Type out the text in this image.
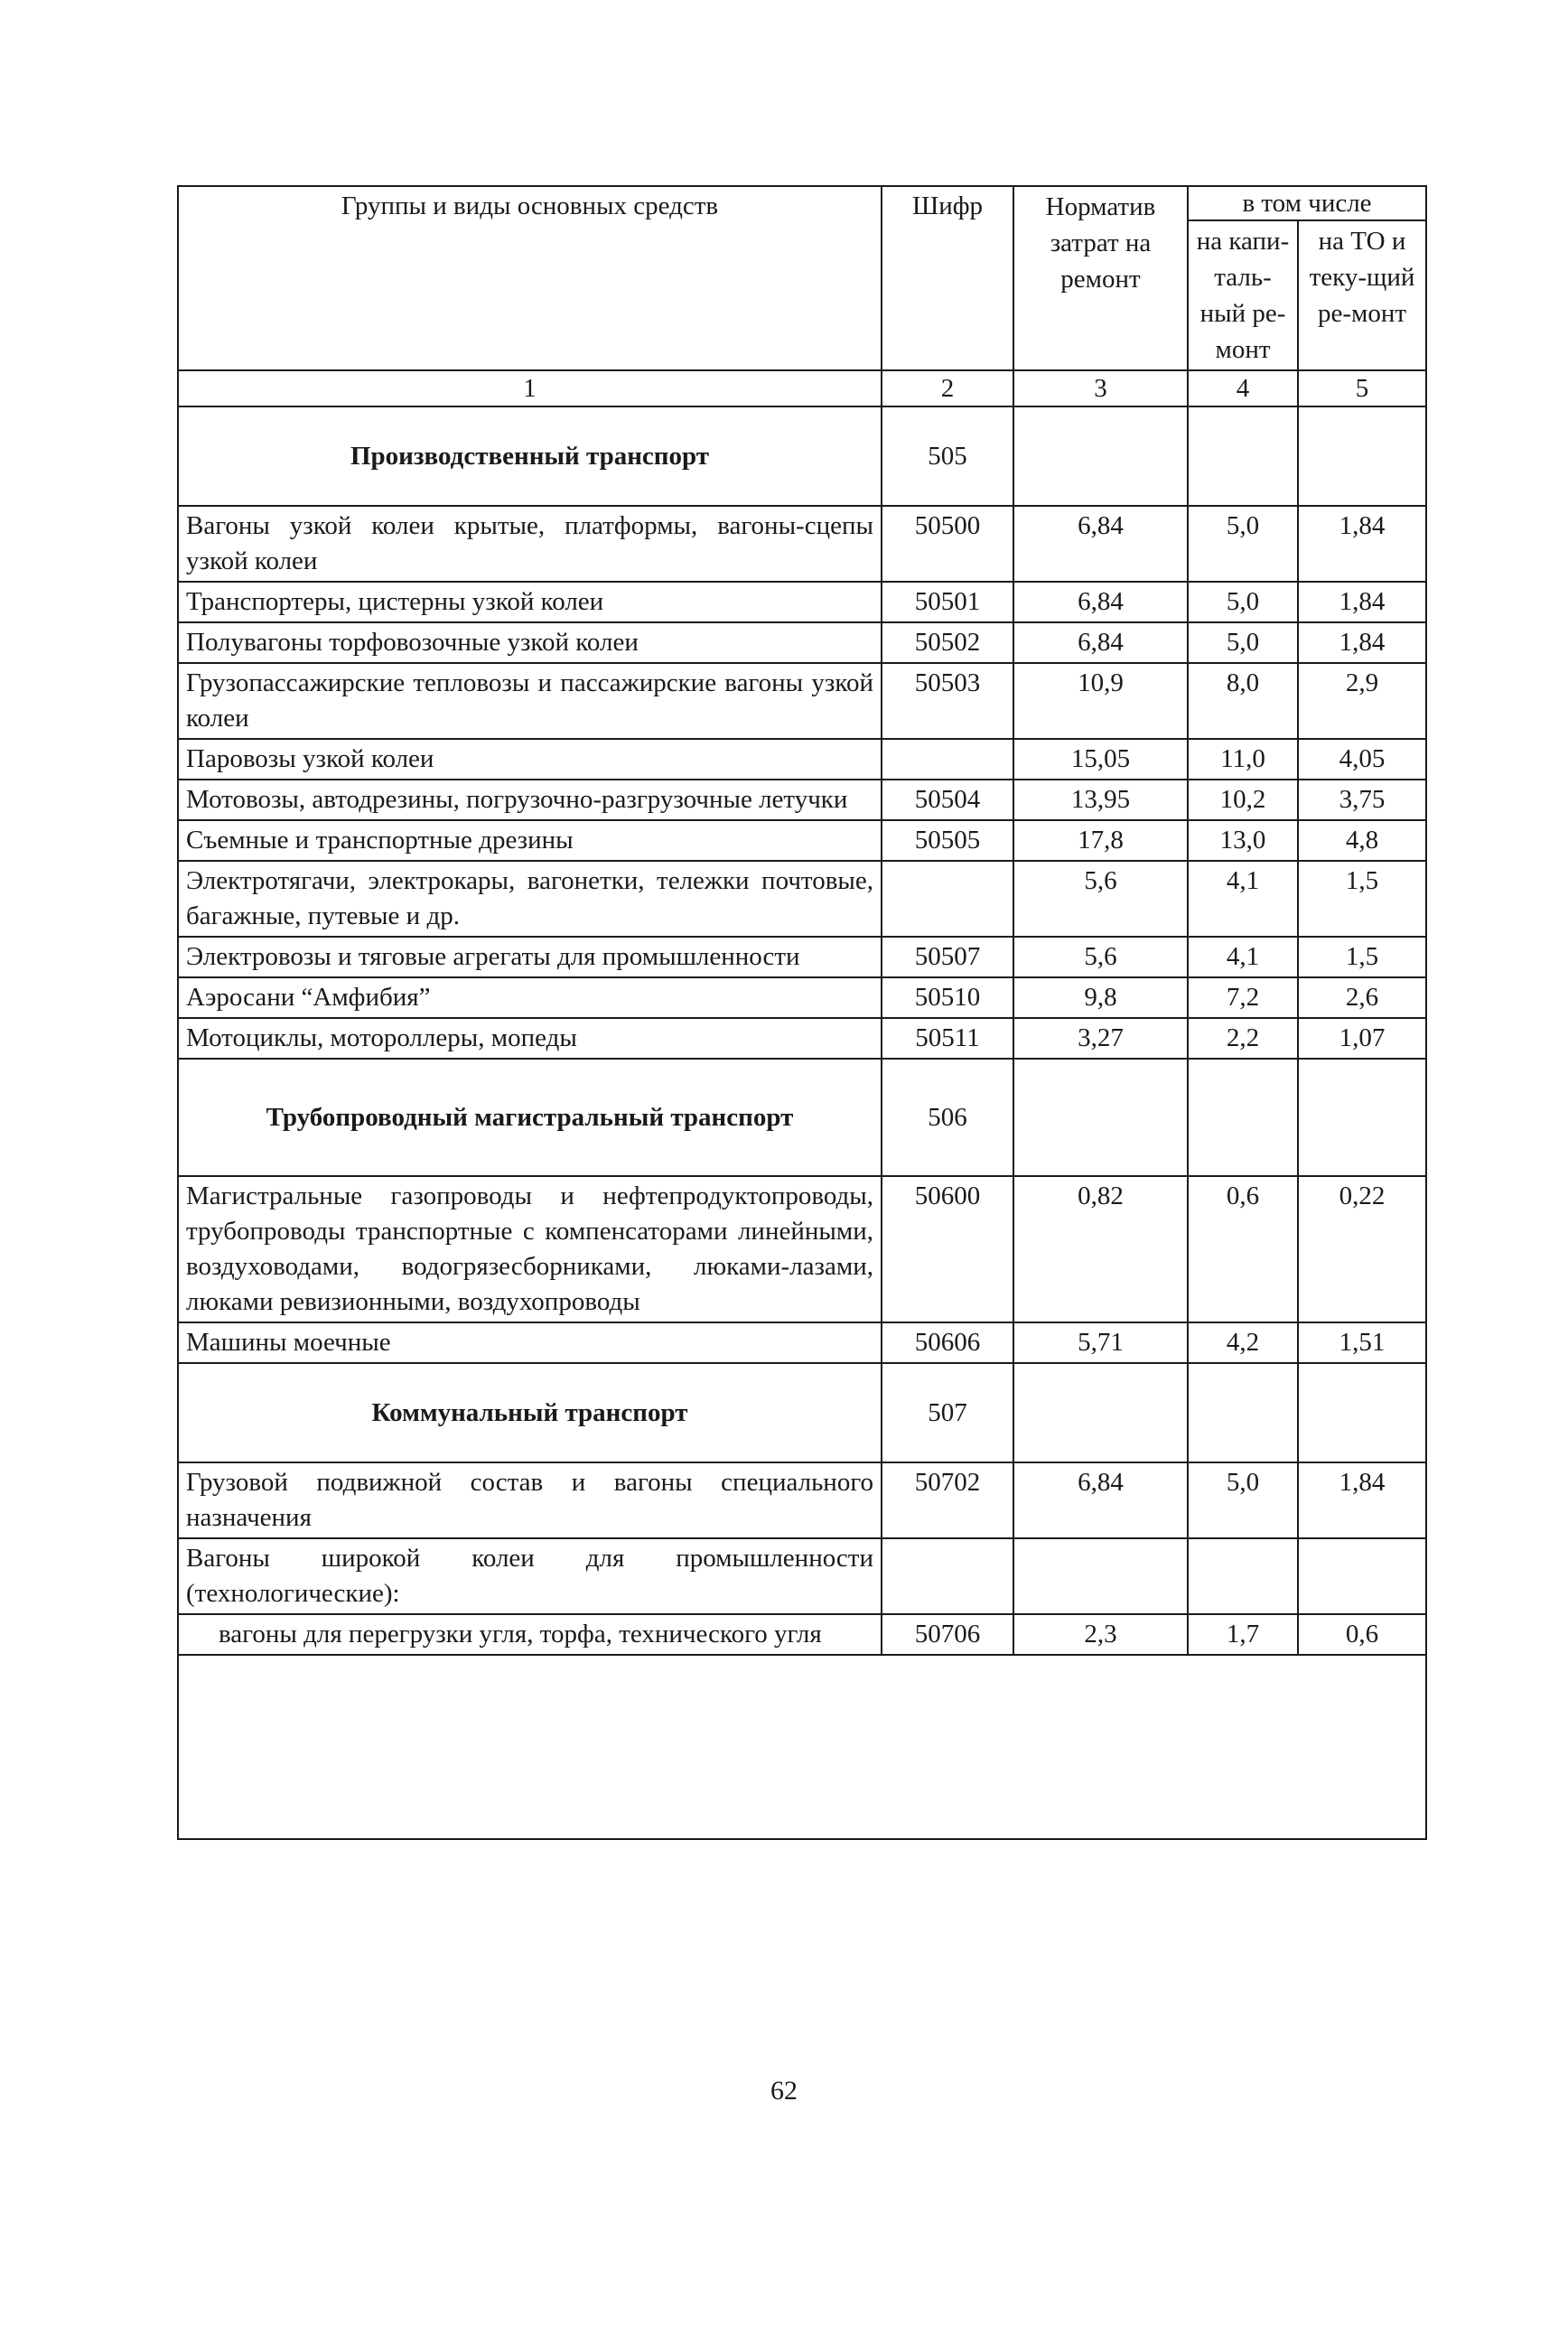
Группы и виды основных средств	Шифр	Норматив затрат на ремонт	в том числе	
			на капи-таль-ный ре-монт	на ТО и теку-щий ре-монт
1	2	3	4	5
Производственный транспорт	505			
Вагоны узкой колеи крытые, платформы, вагоны-сцепы узкой колеи	50500	6,84	5,0	1,84
Транспортеры, цистерны узкой колеи	50501	6,84	5,0	1,84
Полувагоны торфовозочные узкой колеи	50502	6,84	5,0	1,84
Грузопассажирские тепловозы и пассажирские вагоны узкой колеи	50503	10,9	8,0	2,9
Паровозы узкой колеи		15,05	11,0	4,05
Мотовозы, автодрезины, погрузочно-разгрузочные летучки	50504	13,95	10,2	3,75
Съемные и транспортные дрезины	50505	17,8	13,0	4,8
Электротягачи, электрокары, вагонетки, тележки почтовые, багажные, путевые и др.		5,6	4,1	1,5
Электровозы и тяговые агрегаты для промышленности	50507	5,6	4,1	1,5
Аэросани “Амфибия”	50510	9,8	7,2	2,6
Мотоциклы, мотороллеры, мопеды	50511	3,27	2,2	1,07
Трубопроводный магистральный транспорт	506			
Магистральные газопроводы и нефтепродуктопроводы, трубопроводы транспортные с компенсаторами линейными, воздуховодами, водогрязесборниками, люками-лазами, люками ревизионными, воздухопроводы	50600	0,82	0,6	0,22
Машины моечные	50606	5,71	4,2	1,51
Коммунальный транспорт	507			
Грузовой подвижной состав и вагоны специального назначения	50702	6,84	5,0	1,84
Вагоны широкой колеи для промышленности (технологические):				
вагоны для перегрузки угля, торфа, технического угля	50706	2,3	1,7	0,6

62
